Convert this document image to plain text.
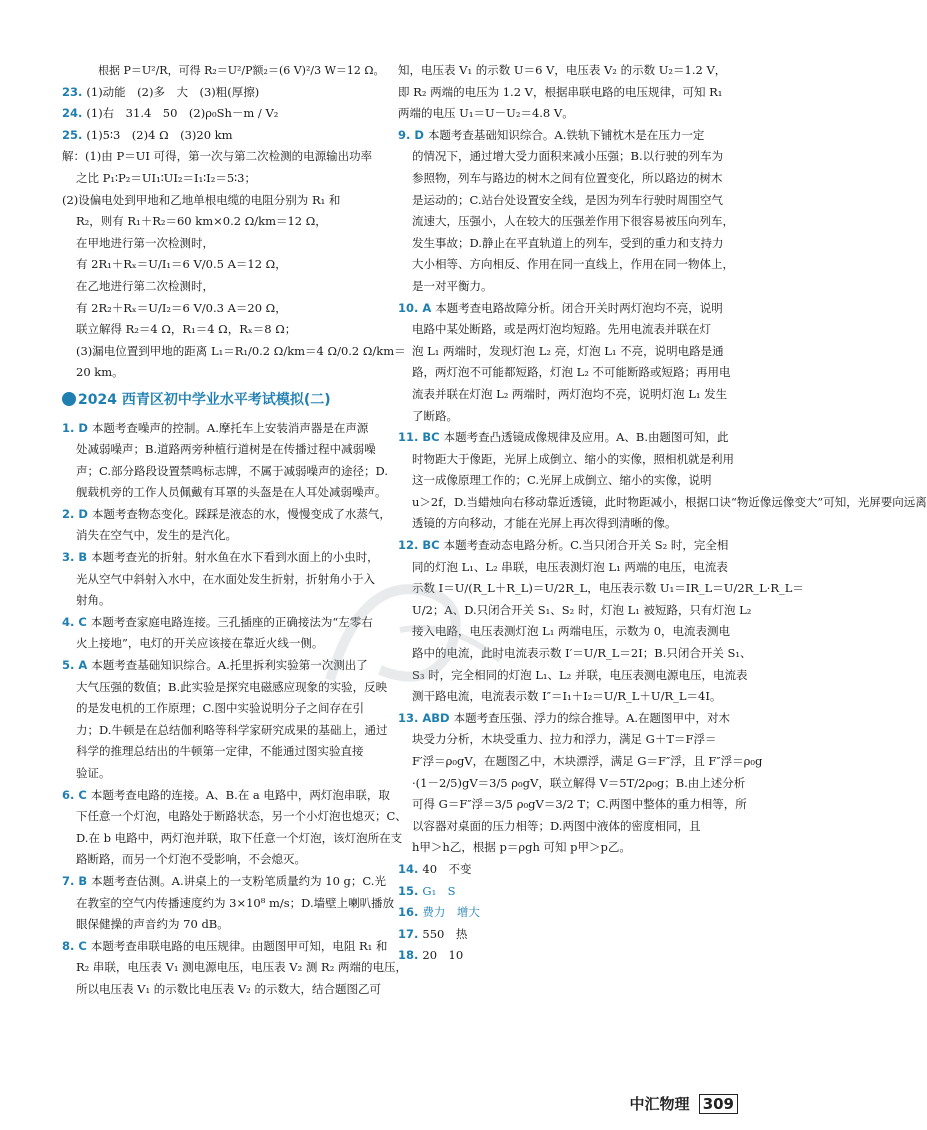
根据 P＝U²/R，可得 R₂＝U²/P额₂＝(6 V)²/3 W＝12 Ω。
23. (1)动能　(2)多　大　(3)粗(厚擦)
24. (1)右　31.4　50　(2)ρ₀Sh－m / V₂
25. (1)5∶3　(2)4 Ω　(3)20 km
解：(1)由 P＝UI 可得，第一次与第二次检测的电源输出功率
之比 P₁∶P₂＝UI₁∶UI₂＝I₁∶I₂＝5∶3；
(2)设偏电处到甲地和乙地单根电缆的电阻分别为 R₁ 和
R₂，则有 R₁＋R₂＝60 km×0.2 Ω/km＝12 Ω，
在甲地进行第一次检测时，
有 2R₁＋Rₓ＝U/I₁＝6 V/0.5 A＝12 Ω，
在乙地进行第二次检测时，
有 2R₂＋Rₓ＝U/I₂＝6 V/0.3 A＝20 Ω，
联立解得 R₂＝4 Ω，R₁＝4 Ω，Rₓ＝8 Ω；
(3)漏电位置到甲地的距离 L₁＝R₁/0.2 Ω/km＝4 Ω/0.2 Ω/km＝
20 km。
2024 西青区初中学业水平考试模拟(二)
1. D 本题考查噪声的控制。A.摩托车上安装消声器是在声源
处减弱噪声；B.道路两旁种植行道树是在传播过程中减弱噪
声；C.部分路段设置禁鸣标志牌，不属于减弱噪声的途径；D.
舰载机旁的工作人员佩戴有耳罩的头盔是在人耳处减弱噪声。
2. D 本题考查物态变化。踩踩是液态的水，慢慢变成了水蒸气，
消失在空气中，发生的是汽化。
3. B 本题考查光的折射。射水鱼在水下看到水面上的小虫时，
光从空气中斜射入水中，在水面处发生折射，折射角小于入
射角。
4. C 本题考查家庭电路连接。三孔插座的正确接法为“左零右
火上接地”，电灯的开关应该接在靠近火线一侧。
5. A 本题考查基础知识综合。A.托里拆利实验第一次测出了
大气压强的数值；B.此实验是探究电磁感应现象的实验，反映
的是发电机的工作原理；C.图中实验说明分子之间存在引
力；D.牛顿是在总结伽利略等科学家研究成果的基础上，通过
科学的推理总结出的牛顿第一定律，不能通过图实验直接
验证。
6. C 本题考查电路的连接。A、B.在 a 电路中，两灯泡串联，取
下任意一个灯泡，电路处于断路状态，另一个小灯泡也熄灭；C、
D.在 b 电路中，两灯泡并联，取下任意一个灯泡，该灯泡所在支
路断路，而另一个灯泡不受影响，不会熄灭。
7. B 本题考查估测。A.讲桌上的一支粉笔质量约为 10 g；C.光
在教室的空气内传播速度约为 3×10⁸ m/s；D.墙壁上喇叭播放
眼保健操的声音约为 70 dB。
8. C 本题考查串联电路的电压规律。由题图甲可知，电阻 R₁ 和
R₂ 串联，电压表 V₁ 测电源电压，电压表 V₂ 测 R₂ 两端的电压，
所以电压表 V₁ 的示数比电压表 V₂ 的示数大，结合题图乙可
知，电压表 V₁ 的示数 U＝6 V，电压表 V₂ 的示数 U₂＝1.2 V，
即 R₂ 两端的电压为 1.2 V，根据串联电路的电压规律，可知 R₁
两端的电压 U₁＝U－U₂＝4.8 V。
9. D 本题考查基础知识综合。A.铁轨下铺枕木是在压力一定
的情况下，通过增大受力面积来减小压强；B.以行驶的列车为
参照物，列车与路边的树木之间有位置变化，所以路边的树木
是运动的；C.站台处设置安全线，是因为列车行驶时周围空气
流速大，压强小，人在较大的压强差作用下很容易被压向列车，
发生事故；D.静止在平直轨道上的列车，受到的重力和支持力
大小相等、方向相反、作用在同一直线上，作用在同一物体上，
是一对平衡力。
10. A 本题考查电路故障分析。闭合开关时两灯泡均不亮，说明
电路中某处断路，或是两灯泡均短路。先用电流表并联在灯
泡 L₁ 两端时，发现灯泡 L₂ 亮，灯泡 L₁ 不亮，说明电路是通
路，两灯泡不可能都短路，灯泡 L₂ 不可能断路或短路；再用电
流表并联在灯泡 L₂ 两端时，两灯泡均不亮，说明灯泡 L₁ 发生
了断路。
11. BC 本题考查凸透镜成像规律及应用。A、B.由题图可知，此
时物距大于像距，光屏上成倒立、缩小的实像，照相机就是利用
这一成像原理工作的；C.光屏上成倒立、缩小的实像，说明
u＞2f，D.当蜡烛向右移动靠近透镜，此时物距减小，根据口诀“物近像远像变大”可知，光屏要向远离
透镜的方向移动，才能在光屏上再次得到清晰的像。
12. BC 本题考查动态电路分析。C.当只闭合开关 S₂ 时，完全相
同的灯泡 L₁、L₂ 串联，电压表测灯泡 L₁ 两端的电压，电流表
示数 I＝U/(R_L＋R_L)＝U/2R_L，电压表示数 U₁＝IR_L＝U/2R_L·R_L＝
U/2；A、D.只闭合开关 S₁、S₂ 时，灯泡 L₁ 被短路，只有灯泡 L₂
接入电路，电压表测灯泡 L₁ 两端电压，示数为 0，电流表测电
路中的电流，此时电流表示数 I′＝U/R_L＝2I；B.只闭合开关 S₁、
S₃ 时，完全相同的灯泡 L₁、L₂ 并联，电压表测电源电压，电流表
测干路电流，电流表示数 I″＝I₁＋I₂＝U/R_L＋U/R_L＝4I。
13. ABD 本题考查压强、浮力的综合推导。A.在题图甲中，对木
块受力分析，木块受重力、拉力和浮力，满足 G＋T＝F浮＝
F′浮＝ρ₀gV，在题图乙中，木块漂浮，满足 G＝F″浮，且 F″浮＝ρ₀g
·(1－2/5)gV＝3/5 ρ₀gV，联立解得 V＝5T/2ρ₀g；B.由上述分析
可得 G＝F″浮＝3/5 ρ₀gV＝3/2 T；C.两图中整体的重力相等，所
以容器对桌面的压力相等；D.两图中液体的密度相同，且
h甲＞h乙，根据 p＝ρgh 可知 p甲＞p乙。
14. 40　不变
15. G₁　S
16. 费力　增大
17. 550　热
18. 20　10
中汇物理 309
